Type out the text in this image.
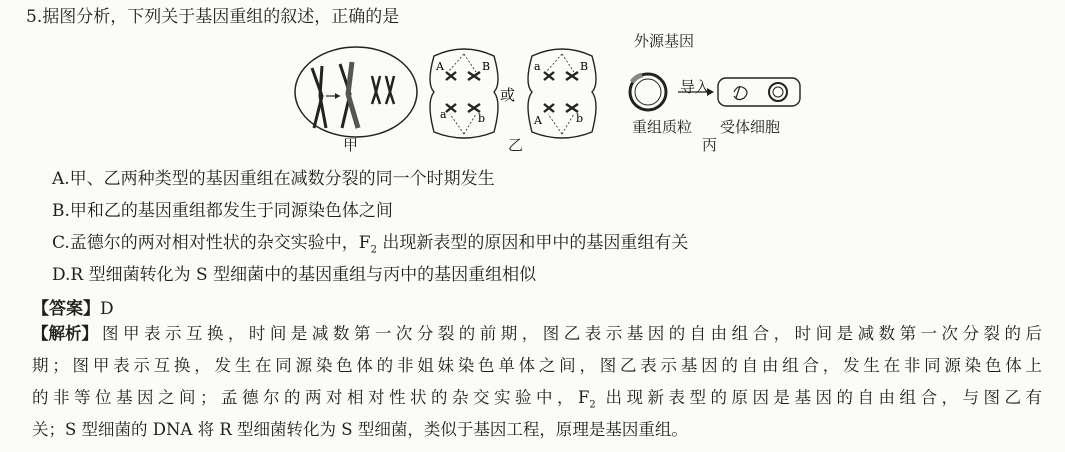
5.据图分析，下列关于基因重组的叙述，正确的是
甲
A	B
a	b
或
a	B
A	b
乙
外源基因
导入
重组质粒 受体细胞
丙
A.甲、乙两种类型的基因重组在减数分裂的同一个时期发生
B.甲和乙的基因重组都发生于同源染色体之间
C.孟德尔的两对相对性状的杂交实验中，$F_2$ 出现新表型的原因和甲中的基因重组有关
D.R 型细菌转化为 S 型细菌中的基因重组与丙中的基因重组相似
【答案】D
【解析】 图甲表示互换，时间是减数第一次分裂的前期，图乙表示基因的自由组合，时间是减数第一次分裂的后
期；图甲表示互换，发生在同源染色体的非姐妹染色单体之间，图乙表示基因的自由组合，发生在非同源染色体上
的非等位基因之间；孟德尔的两对相对性状的杂交实验中，$F_2$ 出现新表型的原因是基因的自由组合，与图乙有
关；S 型细菌的 DNA 将 R 型细菌转化为 S 型细菌，类似于基因工程，原理是基因重组。
